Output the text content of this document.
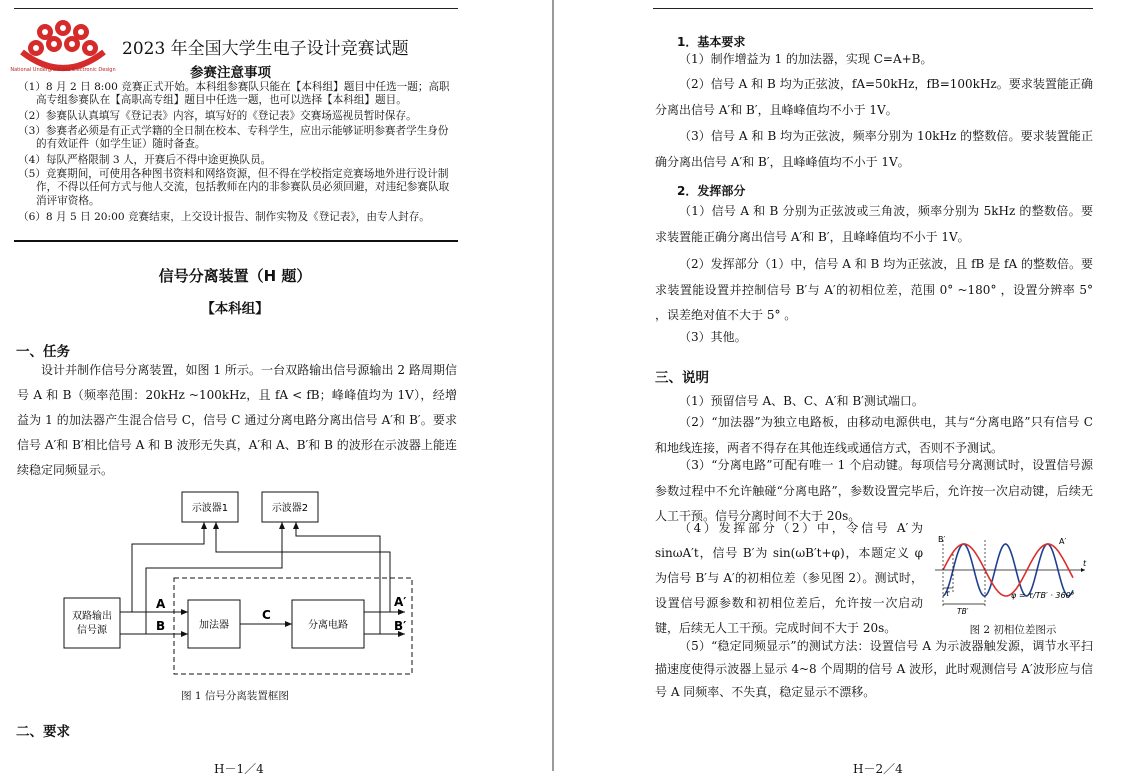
National Undergraduate Electronic Design
2023 年全国大学生电子设计竞赛试题
参赛注意事项
（1）8 月 2 日 8:00 竞赛正式开始。本科组参赛队只能在【本科组】题目中任选一题；高职高专组参赛队在【高职高专组】题目中任选一题，也可以选择【本科组】题目。
（2）参赛队认真填写《登记表》内容，填写好的《登记表》交赛场巡视员暂时保存。
（3）参赛者必须是有正式学籍的全日制在校本、专科学生，应出示能够证明参赛者学生身份的有效证件（如学生证）随时备查。
（4）每队严格限制 3 人，开赛后不得中途更换队员。
（5）竞赛期间，可使用各种图书资料和网络资源，但不得在学校指定竞赛场地外进行设计制作，不得以任何方式与他人交流，包括教师在内的非参赛队员必须回避，对违纪参赛队取消评审资格。
（6）8 月 5 日 20:00 竞赛结束，上交设计报告、制作实物及《登记表》，由专人封存。
信号分离装置（H 题）
【本科组】
一、任务
设计并制作信号分离装置，如图 1 所示。一台双路输出信号源输出 2 路周期信号 A 和 B（频率范围：20kHz ~100kHz，且 fA < fB；峰峰值均为 1V），经增益为 1 的加法器产生混合信号 C，信号 C 通过分离电路分离出信号 A′和 B′。要求信号 A′和 B′相比信号 A 和 B 波形无失真，A′和 A、B′和 B 的波形在示波器上能连续稳定同频显示。
示波器1	示波器2
双路输出
信号源	加法器	分离电路
A
B
C
A′
B′
图 1 信号分离装置框图
二、要求
H－1／4
1．基本要求
（1）制作增益为 1 的加法器，实现 C=A+B。
（2）信号 A 和 B 均为正弦波，fA=50kHz，fB=100kHz。要求装置能正确分离出信号 A′和 B′，且峰峰值均不小于 1V。
（3）信号 A 和 B 均为正弦波，频率分别为 10kHz 的整数倍。要求装置能正确分离出信号 A′和 B′，且峰峰值均不小于 1V。
2．发挥部分
（1）信号 A 和 B 分别为正弦波或三角波，频率分别为 5kHz 的整数倍。要求装置能正确分离出信号 A′和 B′，且峰峰值均不小于 1V。
（2）发挥部分（1）中，信号 A 和 B 均为正弦波，且 fB 是 fA 的整数倍。要求装置能设置并控制信号 B′与 A′的初相位差，范围 0° ~180° ，设置分辨率 5° ，误差绝对值不大于 5° 。
（3）其他。
三、说明
（1）预留信号 A、B、C、A′和 B′测试端口。
（2）“加法器”为独立电路板，由移动电源供电，其与“分离电路”只有信号 C 和地线连接，两者不得存在其他连线或通信方式，否则不予测试。
（3）“分离电路”可配有唯一 1 个启动键。每项信号分离测试时，设置信号源参数过程中不允许触碰“分离电路”，参数设置完毕后，允许按一次启动键，后续无人工干预。信号分离时间不大于 20s。
（4）发挥部分（2）中，令信号 A′为 sinωA′t，信号 B′为 sin(ωB′t+φ)，本题定义 φ 为信号 B′与 A′的初相位差（参见图 2）。测试时，设置信号源参数和初相位差后，允许按一次启动键，后续无人工干预。完成时间不大于 20s。
（5）“稳定同频显示”的测试方法：设置信号 A 为示波器触发源，调节水平扫描速度使得示波器上显示 4~8 个周期的信号 A 波形，此时观测信号 A′波形应与信号 A 同频率、不失真，稳定显示不漂移。
B′	A′
t
τ
TB′
φ = τ/TB′ · 360°
图 2 初相位差图示
H－2／4
